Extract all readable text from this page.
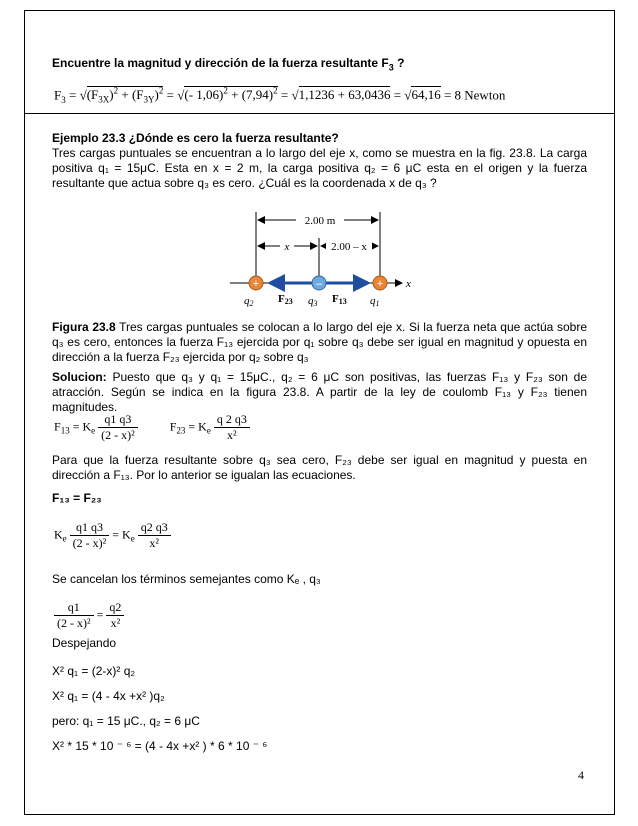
Encuentre la magnitud y dirección de la fuerza resultante $F_3$ ?
$F_3 = √(F_{3X})^2 + (F_{3Y})^2$ = √(- $1,06)^2 + (7,94)^2 = √1,1236 + 63,0436 = √64,16 = 8$ Newton
Ejemplo 23.3 ¿Dónde es cero la fuerza resultante?
Tres cargas puntuales se encuentran a lo largo del eje x, como se muestra en la fig. 23.8. La carga positiva q₁ = 15μC. Esta en x = 2 m, la carga positiva q₂ = 6 μC esta en el origen y la fuerza resultante que actua sobre q₃ es cero. ¿Cuál es la coordenada x de q₃ ?
2.00 m
x	2.00 – x
x
+	–	+
q2 F23 q3 F13 q1
Figura 23.8 Tres cargas puntuales se colocan a lo largo del eje x. Si la fuerza neta que actúa sobre q₃ es cero, entonces la fuerza F₁₃ ejercida por q₁ sobre q₃ debe ser igual en magnitud y opuesta en dirección a la fuerza F₂₃ ejercida por q₂ sobre q₃
Solucion: Puesto que q₃ y q₁ = 15μC., q₂ = 6 μC son positivas, las fuerzas F₁₃ y F₂₃ son de atracción. Según se indica en la figura 23.8. A partir de la ley de coulomb F₁₃ y F₂₃ tienen magnitudes.
$F_{13} = K_e \frac{q1 q3}{\text{(2 - x)²}}$	$F_{23} = K_e \frac{q 2 q3}{\text{x²}}$
Para que la fuerza resultante sobre q₃ sea cero, F₂₃ debe ser igual en magnitud y puesta en dirección a F₁₃. Por lo anterior se igualan las ecuaciones.
F₁₃ = F₂₃
$K_e \frac{q1 q3}{\text{(2 - x)²}} = K_e \frac{q2 q3}{\text{x²}}$
Se cancelan los términos semejantes como Kₑ , q₃
$\frac{q1}{\text{(2 - x)²}} = \frac{q2}{\text{x²}}$
Despejando
X² q₁ = (2-x)² q₂
X² q₁ = (4 - 4x +x² )q₂
pero: q₁ = 15 μC., q₂ = 6 μC
X² * 15 * 10 ⁻ ⁶ = (4 - 4x +x² ) * 6 * 10 ⁻ ⁶
4
